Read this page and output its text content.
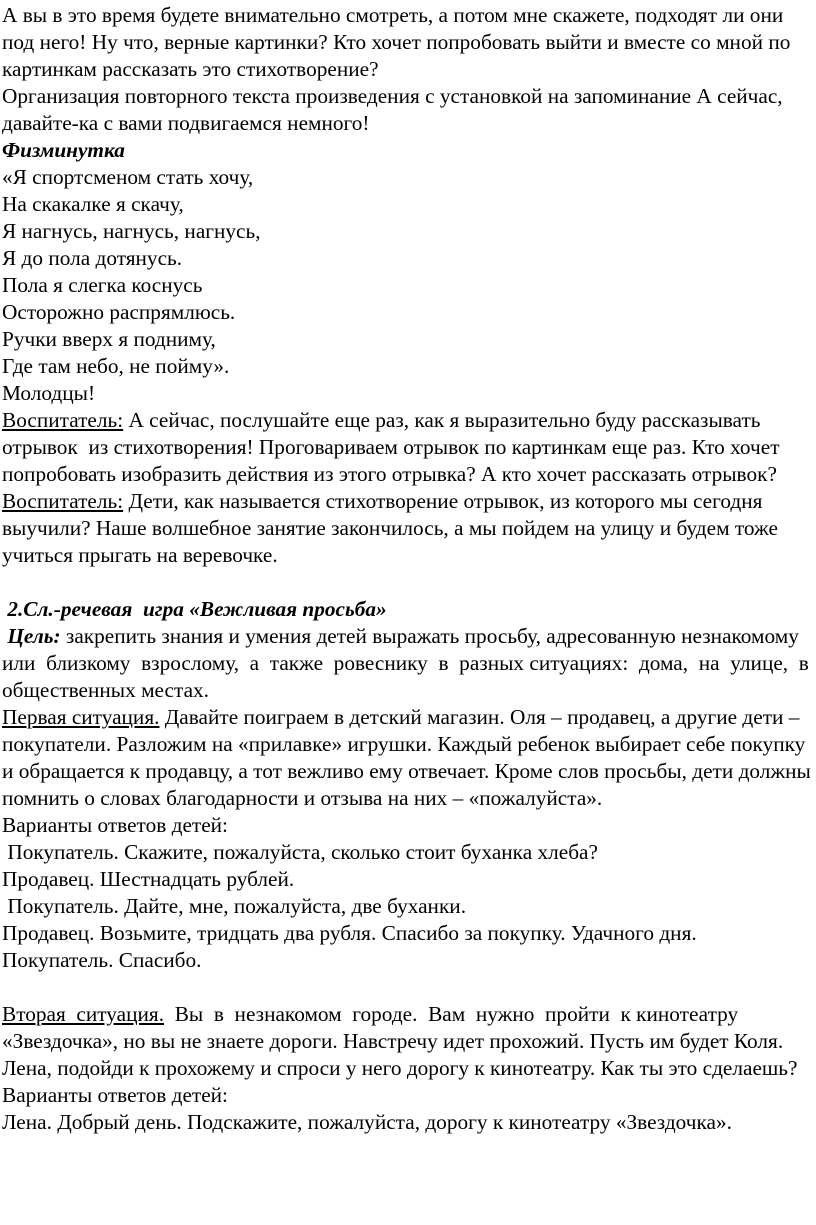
А вы в это время будете внимательно смотреть, а потом мне скажете, подходят ли они под него! Ну что, верные картинки? Кто хочет попробовать выйти и вместе со мной по картинкам рассказать это стихотворение?

Организация повторного текста произведения с установкой на запоминание А сейчас, давайте-ка с вами подвигаемся немного!

Физминутка

«Я спортсменом стать хочу,

На скакалке я скачу,

Я нагнусь, нагнусь, нагнусь,

Я до пола дотянусь.

Пола я слегка коснусь

Осторожно распрямлюсь.

Ручки вверх я подниму,

Где там небо, не пойму».

Молодцы!

Воспитатель: А сейчас, послушайте еще раз, как я выразительно буду рассказывать  отрывок  из стихотворения! Проговариваем отрывок по картинкам еще раз. Кто хочет попробовать изобразить действия из этого отрывка? А кто хочет рассказать отрывок?

Воспитатель: Дети, как называется стихотворение отрывок, из которого мы сегодня выучили? Наше волшебное занятие закончилось, а мы пойдем на улицу и будем тоже учиться прыгать на веревочке.

2.Сл.-речевая  игра «Вежливая просьба»

Цель: закрепить знания и умения детей выражать просьбу, адресованную незнакомому или  близкому  взрослому,  а  также  ровеснику  в  разных ситуациях:  дома,  на  улице,  в общественных местах.

Первая ситуация. Давайте поиграем в детский магазин. Оля – продавец, а другие дети – покупатели. Разложим на «прилавке» игрушки. Каждый ребенок выбирает себе покупку и обращается к продавцу, а тот вежливо ему отвечает. Кроме слов просьбы, дети должны помнить о словах благодарности и отзыва на них – «пожалуйста».

Варианты ответов детей:

Покупатель. Скажите, пожалуйста, сколько стоит буханка хлеба?

Продавец. Шестнадцать рублей.

Покупатель. Дайте, мне, пожалуйста, две буханки.

Продавец. Возьмите, тридцать два рубля. Спасибо за покупку. Удачного дня.

Покупатель. Спасибо.

Вторая  ситуация.  Вы  в  незнакомом  городе.  Вам  нужно  пройти  к кинотеатру «Звездочка», но вы не знаете дороги. Навстречу идет прохожий. Пусть им будет Коля. Лена, подойди к прохожему и спроси у него дорогу к кинотеатру. Как ты это сделаешь?

Варианты ответов детей:

Лена. Добрый день. Подскажите, пожалуйста, дорогу к кинотеатру «Звездочка».
